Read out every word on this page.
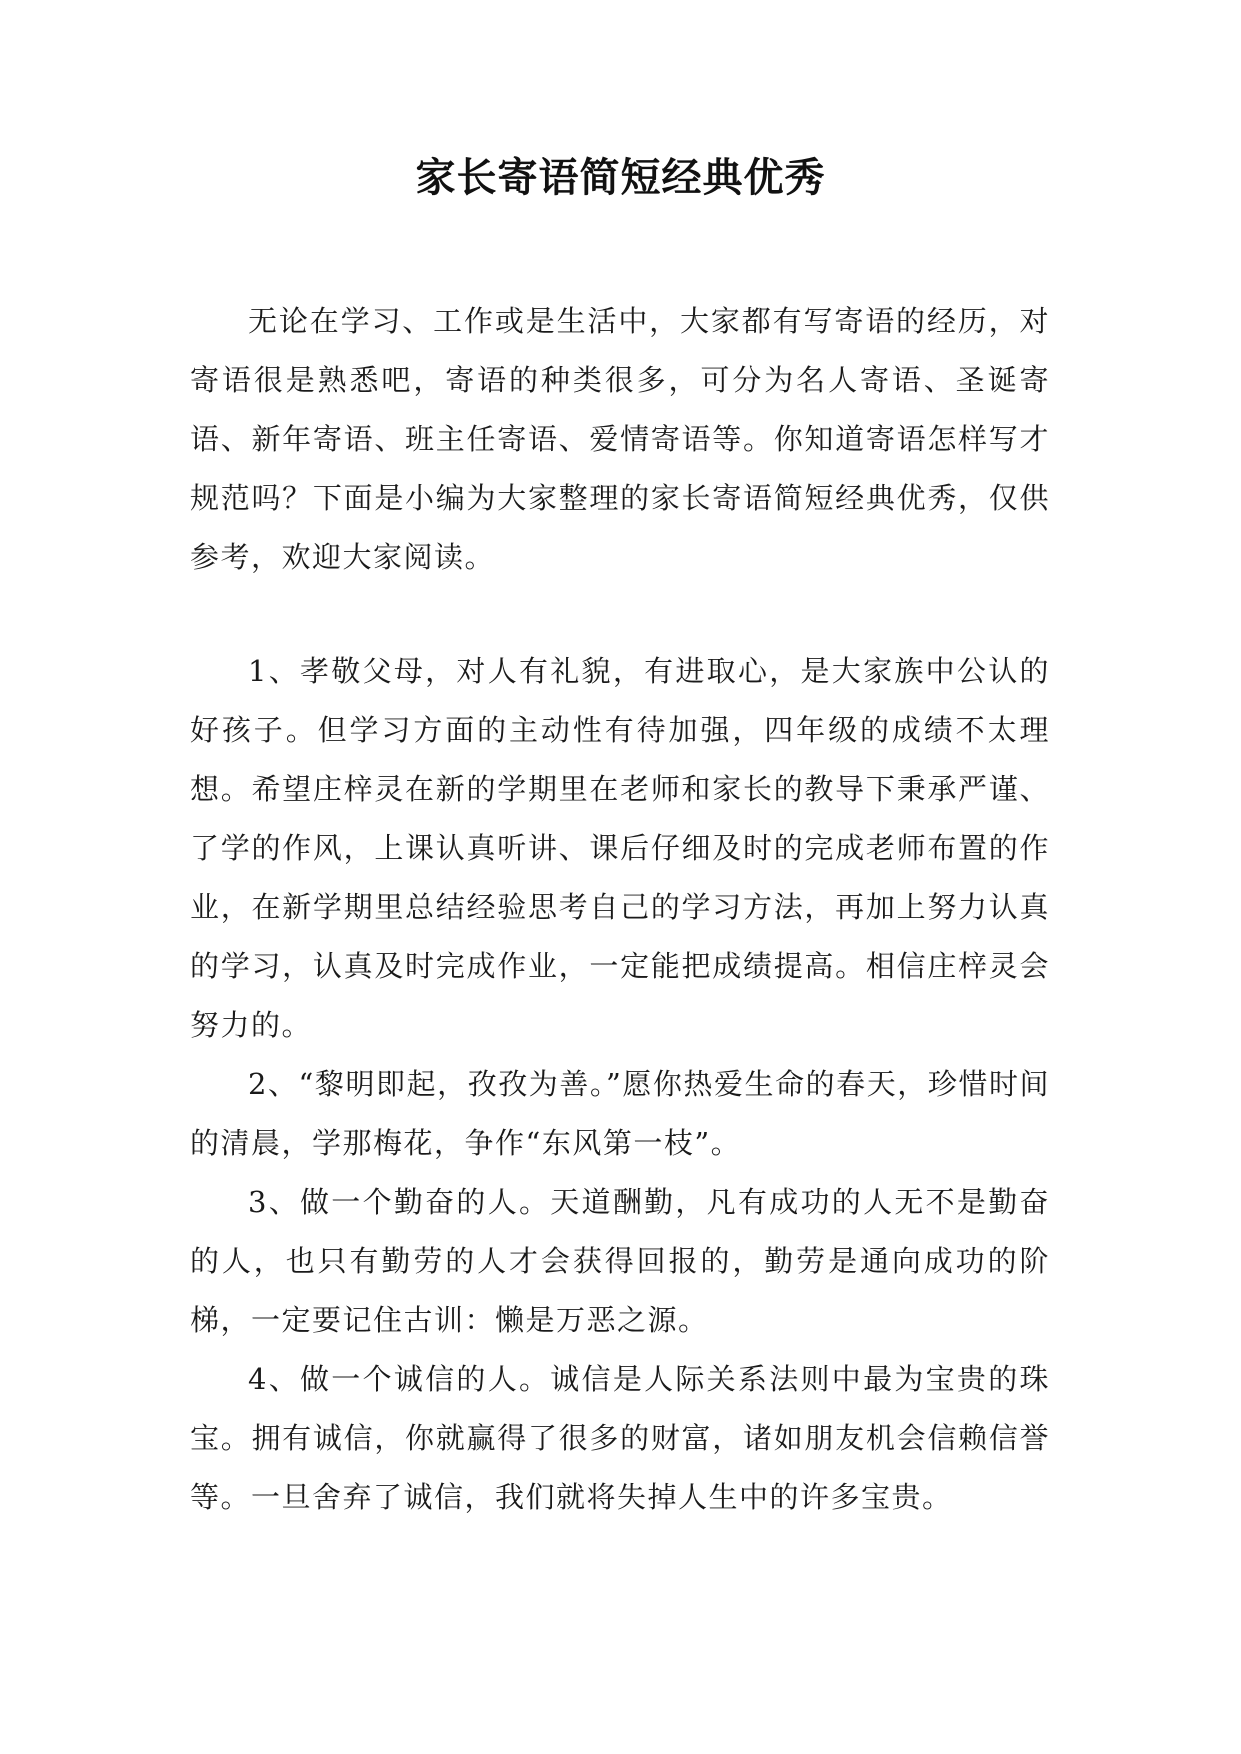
家长寄语简短经典优秀

无论在学习、工作或是生活中，大家都有写寄语的经历，对寄语很是熟悉吧，寄语的种类很多，可分为名人寄语、圣诞寄语、新年寄语、班主任寄语、爱情寄语等。你知道寄语怎样写才规范吗？下面是小编为大家整理的家长寄语简短经典优秀，仅供参考，欢迎大家阅读。

1、孝敬父母，对人有礼貌，有进取心，是大家族中公认的好孩子。但学习方面的主动性有待加强，四年级的成绩不太理想。希望庄梓灵在新的学期里在老师和家长的教导下秉承严谨、了学的作风，上课认真听讲、课后仔细及时的完成老师布置的作业，在新学期里总结经验思考自己的学习方法，再加上努力认真的学习，认真及时完成作业，一定能把成绩提高。相信庄梓灵会努力的。

2、“黎明即起，孜孜为善。”愿你热爱生命的春天，珍惜时间的清晨，学那梅花，争作“东风第一枝”。

3、做一个勤奋的人。天道酬勤，凡有成功的人无不是勤奋的人，也只有勤劳的人才会获得回报的，勤劳是通向成功的阶梯，一定要记住古训：懒是万恶之源。

4、做一个诚信的人。诚信是人际关系法则中最为宝贵的珠宝。拥有诚信，你就赢得了很多的财富，诸如朋友机会信赖信誉等。一旦舍弃了诚信，我们就将失掉人生中的许多宝贵。
